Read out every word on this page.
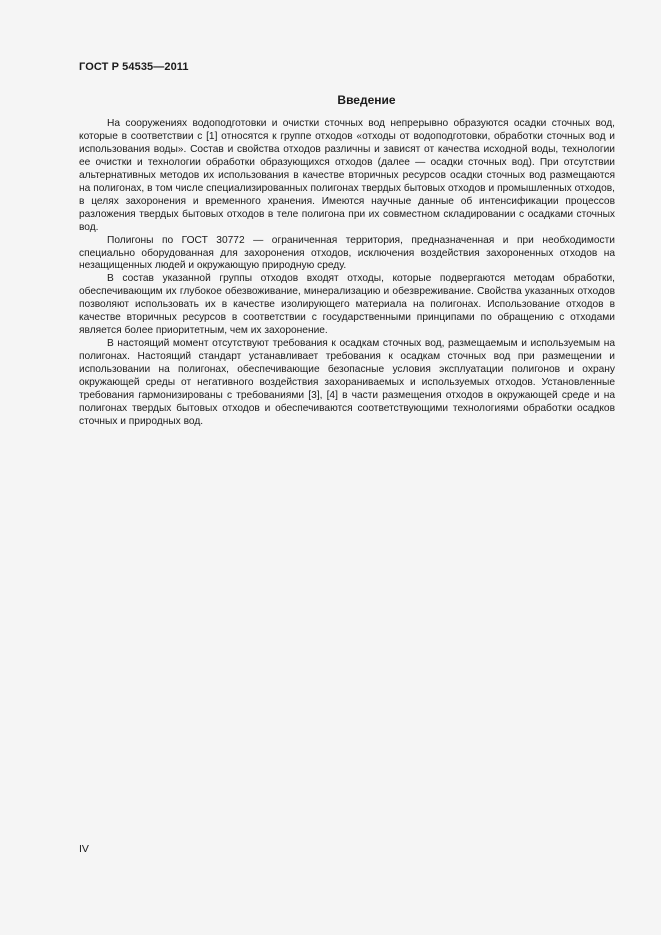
ГОСТ Р 54535—2011
Введение

На сооружениях водоподготовки и очистки сточных вод непрерывно образуются осадки сточных вод, которые в соответствии с [1] относятся к группе отходов «отходы от водоподготовки, обработки сточных вод и использования воды». Состав и свойства отходов различны и зависят от качества исходной воды, технологии ее очистки и технологии обработки образующихся отходов (далее — осадки сточных вод). При отсутствии альтернативных методов их использования в качестве вторичных ресурсов осадки сточных вод размещаются на полигонах, в том числе специализированных полигонах твердых бытовых отходов и промышленных отходов, в целях захоронения и временного хранения. Имеются научные данные об интенсификации процессов разложения твердых бытовых отходов в теле полигона при их совместном складировании с осадками сточных вод.

Полигоны по ГОСТ 30772 — ограниченная территория, предназначенная и при необходимости специально оборудованная для захоронения отходов, исключения воздействия захороненных отходов на незащищенных людей и окружающую природную среду.

В состав указанной группы отходов входят отходы, которые подвергаются методам обработки, обеспечивающим их глубокое обезвоживание, минерализацию и обезвреживание. Свойства указанных отходов позволяют использовать их в качестве изолирующего материала на полигонах. Использование отходов в качестве вторичных ресурсов в соответствии с государственными принципами по обращению с отходами является более приоритетным, чем их захоронение.

В настоящий момент отсутствуют требования к осадкам сточных вод, размещаемым и используемым на полигонах. Настоящий стандарт устанавливает требования к осадкам сточных вод при размещении и использовании на полигонах, обеспечивающие безопасные условия эксплуатации полигонов и охрану окружающей среды от негативного воздействия захораниваемых и используемых отходов. Установленные требования гармонизированы с требованиями [3], [4] в части размещения отходов в окружающей среде и на полигонах твердых бытовых отходов и обеспечиваются соответствующими технологиями обработки осадков сточных и природных вод.

IV
